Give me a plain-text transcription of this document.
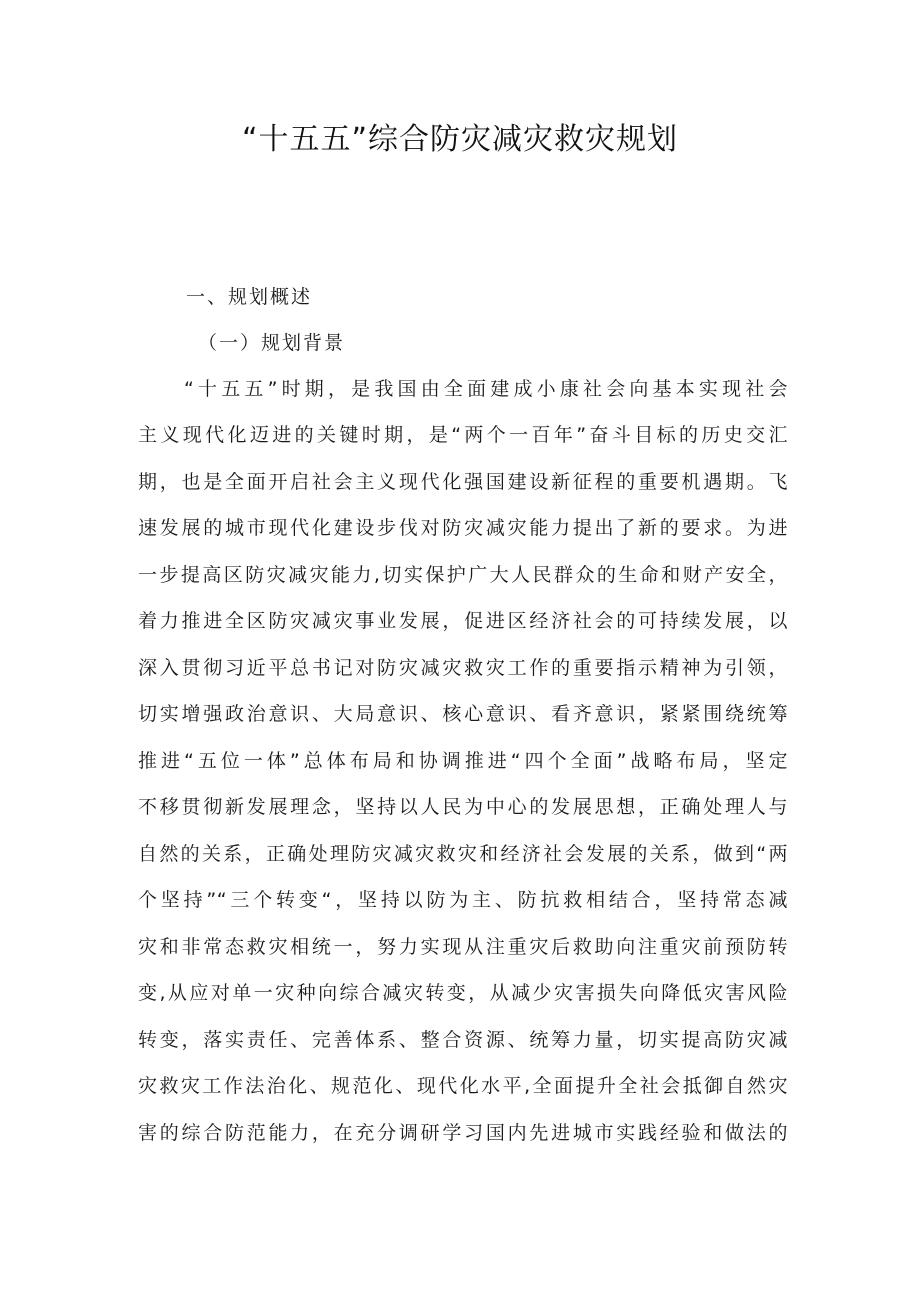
“十五五”综合防灾减灾救灾规划
一、规划概述
（一）规划背景
“十五五”时期，是我国由全面建成小康社会向基本实现社会
主义现代化迈进的关键时期，是“两个一百年”奋斗目标的历史交汇
期，也是全面开启社会主义现代化强国建设新征程的重要机遇期。飞
速发展的城市现代化建设步伐对防灾减灾能力提出了新的要求。为进
一步提高区防灾减灾能力,切实保护广大人民群众的生命和财产安全，
着力推进全区防灾减灾事业发展，促进区经济社会的可持续发展，以
深入贯彻习近平总书记对防灾减灾救灾工作的重要指示精神为引领，
切实增强政治意识、大局意识、核心意识、看齐意识，紧紧围绕统筹
推进“五位一体”总体布局和协调推进“四个全面”战略布局，坚定
不移贯彻新发展理念，坚持以人民为中心的发展思想，正确处理人与
自然的关系，正确处理防灾减灾救灾和经济社会发展的关系，做到“两
个坚持”“三个转变“，坚持以防为主、防抗救相结合，坚持常态减
灾和非常态救灾相统一，努力实现从注重灾后救助向注重灾前预防转
变,从应对单一灾种向综合减灾转变，从减少灾害损失向降低灾害风险
转变，落实责任、完善体系、整合资源、统筹力量，切实提高防灾减
灾救灾工作法治化、规范化、现代化水平,全面提升全社会抵御自然灾
害的综合防范能力，在充分调研学习国内先进城市实践经验和做法的
